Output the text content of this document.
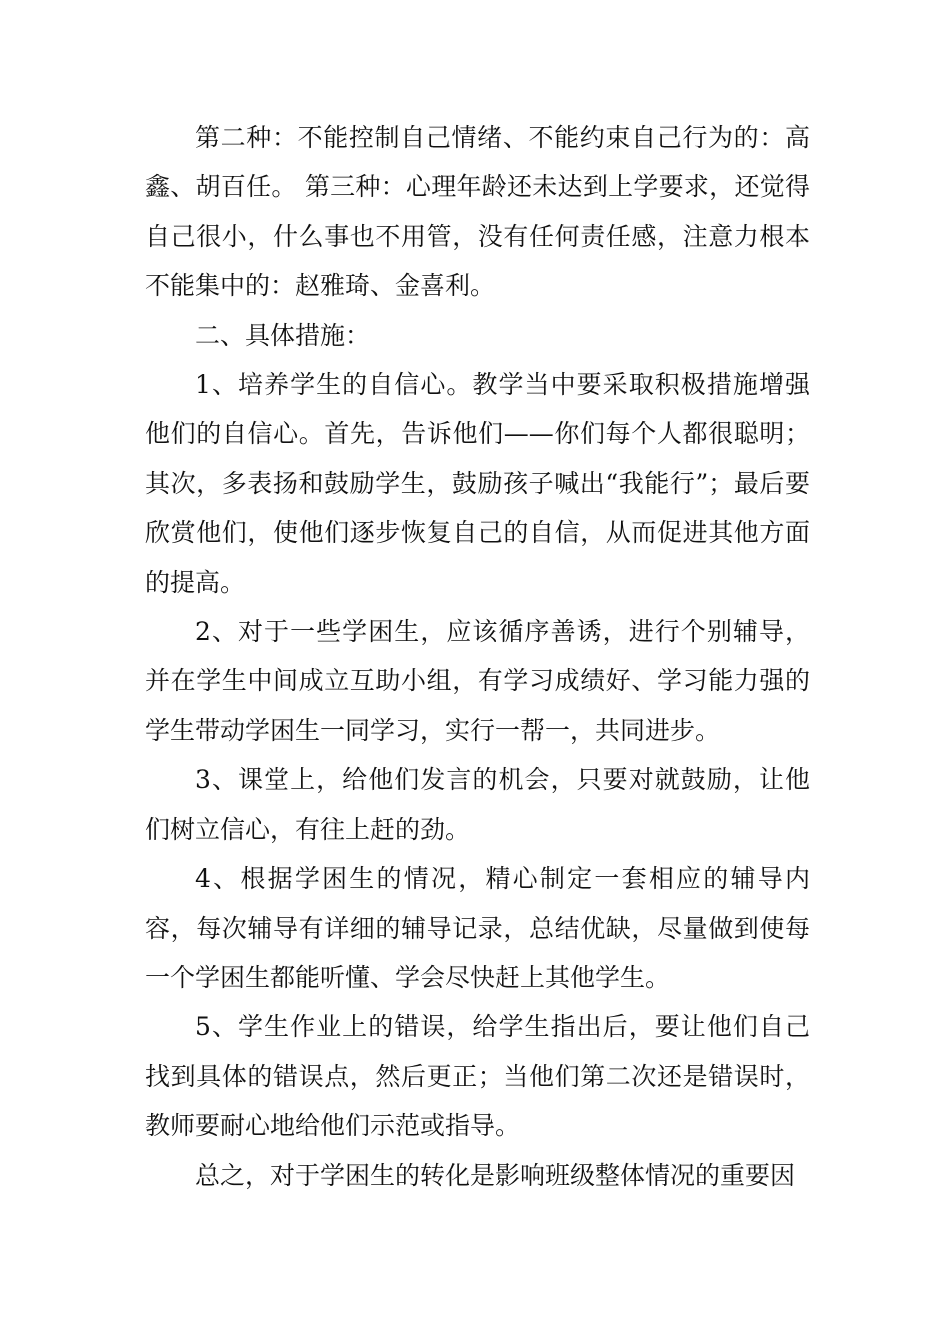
第二种：不能控制自己情绪、不能约束自己行为的：高鑫、胡百任。 第三种：心理年龄还未达到上学要求，还觉得自己很小，什么事也不用管，没有任何责任感，注意力根本不能集中的：赵雅琦、金喜利。

二、具体措施：

1、培养学生的自信心。教学当中要采取积极措施增强他们的自信心。首先，告诉他们——你们每个人都很聪明；其次，多表扬和鼓励学生，鼓励孩子喊出“我能行”；最后要欣赏他们，使他们逐步恢复自己的自信，从而促进其他方面的提高。

2、对于一些学困生，应该循序善诱，进行个别辅导，并在学生中间成立互助小组，有学习成绩好、学习能力强的学生带动学困生一同学习，实行一帮一，共同进步。

3、课堂上，给他们发言的机会，只要对就鼓励，让他们树立信心，有往上赶的劲。

4、根据学困生的情况，精心制定一套相应的辅导内容，每次辅导有详细的辅导记录，总结优缺，尽量做到使每一个学困生都能听懂、学会尽快赶上其他学生。

5、学生作业上的错误，给学生指出后，要让他们自己找到具体的错误点，然后更正；当他们第二次还是错误时，教师要耐心地给他们示范或指导。

总之，对于学困生的转化是影响班级整体情况的重要因
